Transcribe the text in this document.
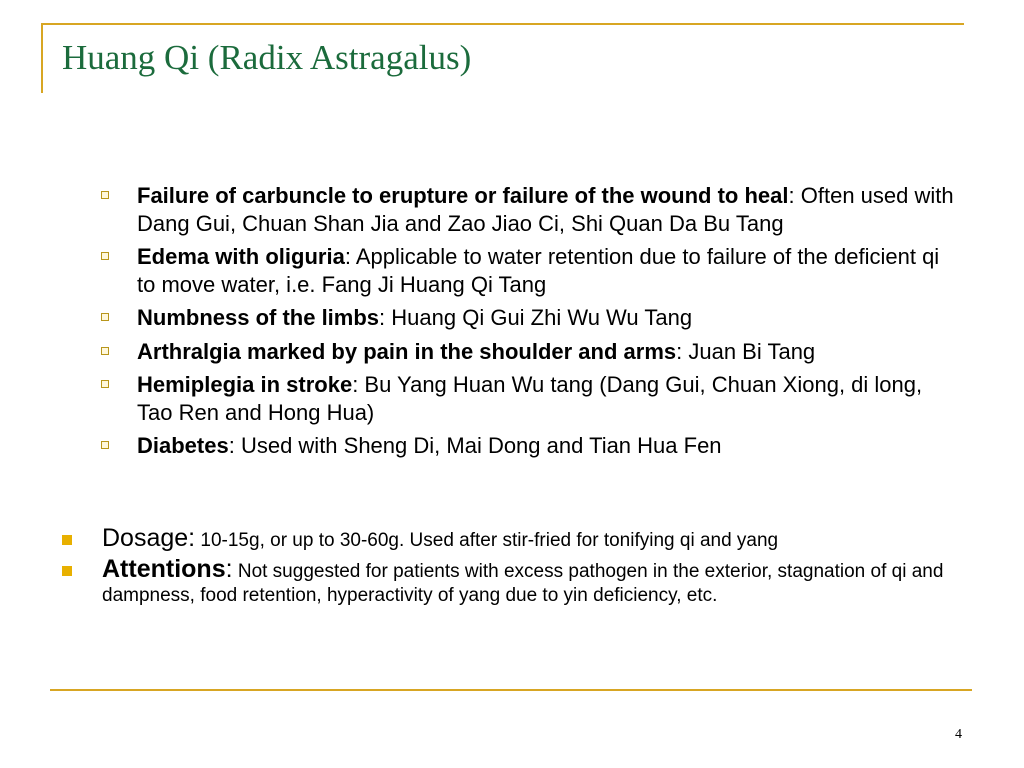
Huang Qi (Radix Astragalus)
Failure of carbuncle to erupture or failure of the wound to heal: Often used with Dang Gui, Chuan Shan Jia and Zao Jiao Ci, Shi Quan Da Bu Tang
Edema with oliguria: Applicable to water retention due to failure of the deficient qi to move water, i.e. Fang Ji Huang Qi Tang
Numbness of the limbs: Huang Qi Gui Zhi Wu Wu Tang
Arthralgia marked by pain in the shoulder and arms: Juan Bi Tang
Hemiplegia in stroke: Bu Yang Huan Wu tang (Dang Gui, Chuan Xiong, di long, Tao Ren and Hong Hua)
Diabetes: Used with Sheng Di, Mai Dong and Tian Hua Fen
Dosage: 10-15g, or up to 30-60g. Used after stir-fried for tonifying qi and yang
Attentions: Not suggested for patients with excess pathogen in the exterior, stagnation of qi and dampness, food retention, hyperactivity of yang due to yin deficiency, etc.
4
